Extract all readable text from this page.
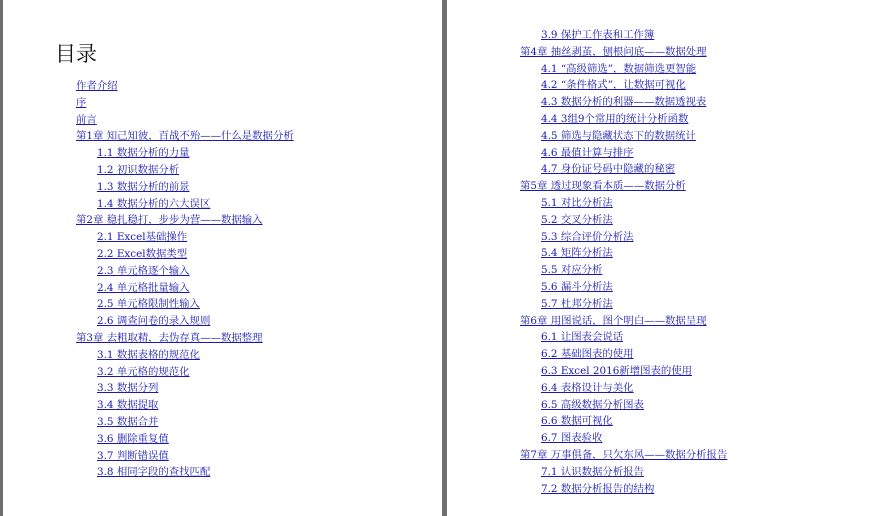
目录
作者介绍
序
前言
第1章 知己知彼，百战不殆——什么是数据分析
1.1 数据分析的力量
1.2 初识数据分析
1.3 数据分析的前景
1.4 数据分析的六大误区
第2章 稳扎稳打，步步为营——数据输入
2.1 Excel基础操作
2.2 Excel数据类型
2.3 单元格逐个输入
2.4 单元格批量输入
2.5 单元格限制性输入
2.6 调查问卷的录入规则
第3章 去粗取精，去伪存真——数据整理
3.1 数据表格的规范化
3.2 单元格的规范化
3.3 数据分列
3.4 数据提取
3.5 数据合并
3.6 删除重复值
3.7 判断错误值
3.8 相同字段的查找匹配
3.9 保护工作表和工作簿
第4章 抽丝剥茧，刨根问底——数据处理
4.1 “高级筛选”，数据筛选更智能
4.2 “条件格式”，让数据可视化
4.3 数据分析的利器——数据透视表
4.4 3组9个常用的统计分析函数
4.5 筛选与隐藏状态下的数据统计
4.6 最值计算与排序
4.7 身份证号码中隐藏的秘密
第5章 透过现象看本质——数据分析
5.1 对比分析法
5.2 交叉分析法
5.3 综合评价分析法
5.4 矩阵分析法
5.5 对应分析
5.6 漏斗分析法
5.7 杜邦分析法
第6章 用图说话，图个明白——数据呈现
6.1 让图表会说话
6.2 基础图表的使用
6.3 Excel 2016新增图表的使用
6.4 表格设计与美化
6.5 高级数据分析图表
6.6 数据可视化
6.7 图表验收
第7章 万事俱备，只欠东风——数据分析报告
7.1 认识数据分析报告
7.2 数据分析报告的结构
